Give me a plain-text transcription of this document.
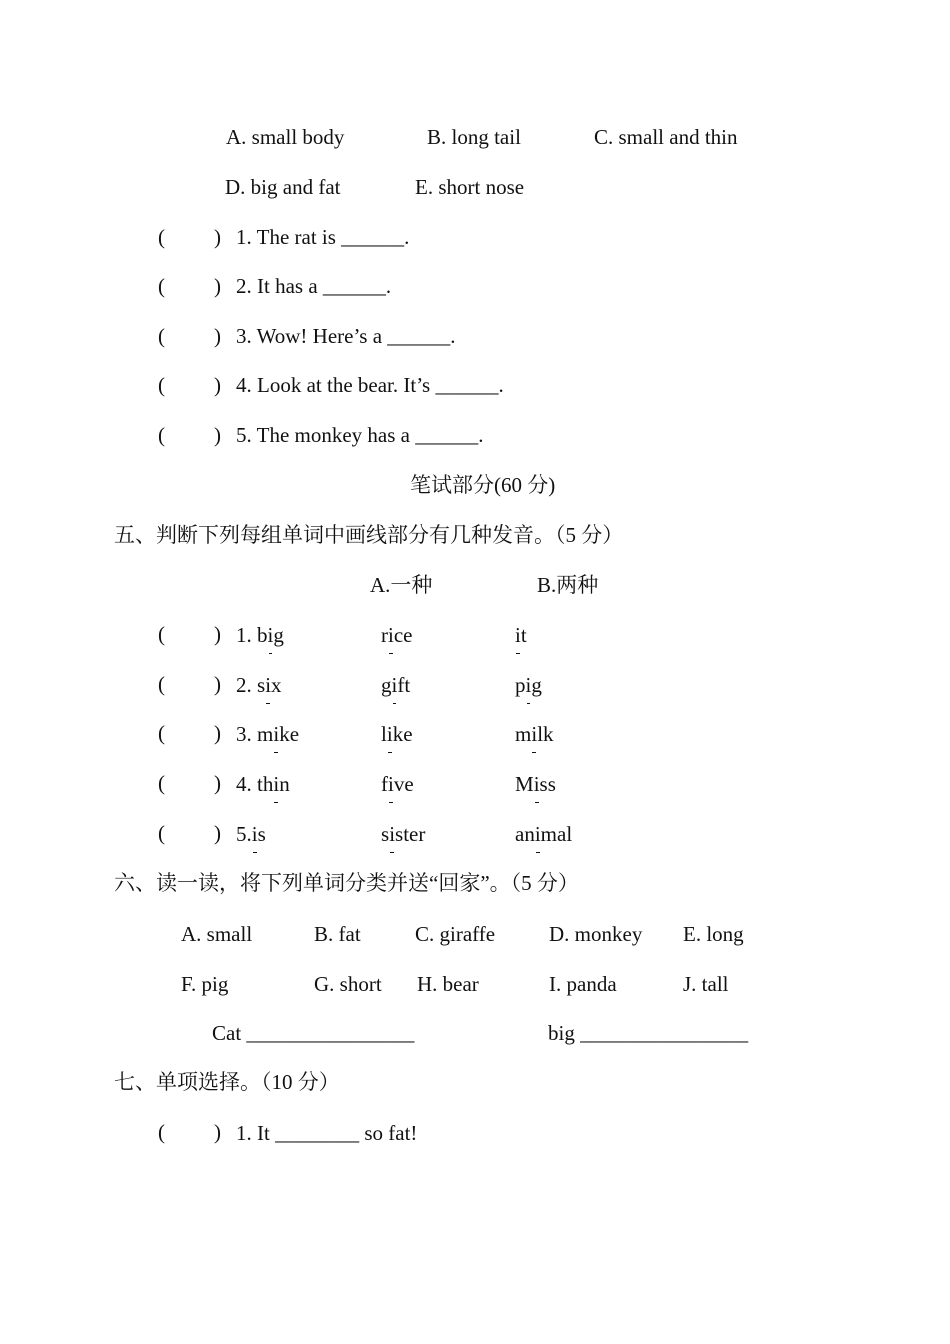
A. small body	B. long tail	C. small and thin
D. big and fat	E. short nose
( ) 1. The rat is ______.
( ) 2. It has a ______.
( ) 3. Wow! Here’s a ______.
( ) 4. Look at the bear. It’s ______.
( ) 5. The monkey has a ______.
笔试部分(60 分)
五、判断下列每组单词中画线部分有几种发音。（5 分）
A.一种	B.两种
( ) 1. big	rice	it
( ) 2. six	gift	pig
( ) 3. mike	like	milk
( ) 4. thin	five	Miss
( ) 5.is	sister	animal
六、读一读，将下列单词分类并送“回家”。（5 分）
A. small	B. fat	C. giraffe	D. monkey E. long
F. pig	G. short H. bear	I. panda	J. tall
Cat ________________	big ________________
七、单项选择。（10 分）
( ) 1. It ________ so fat!
